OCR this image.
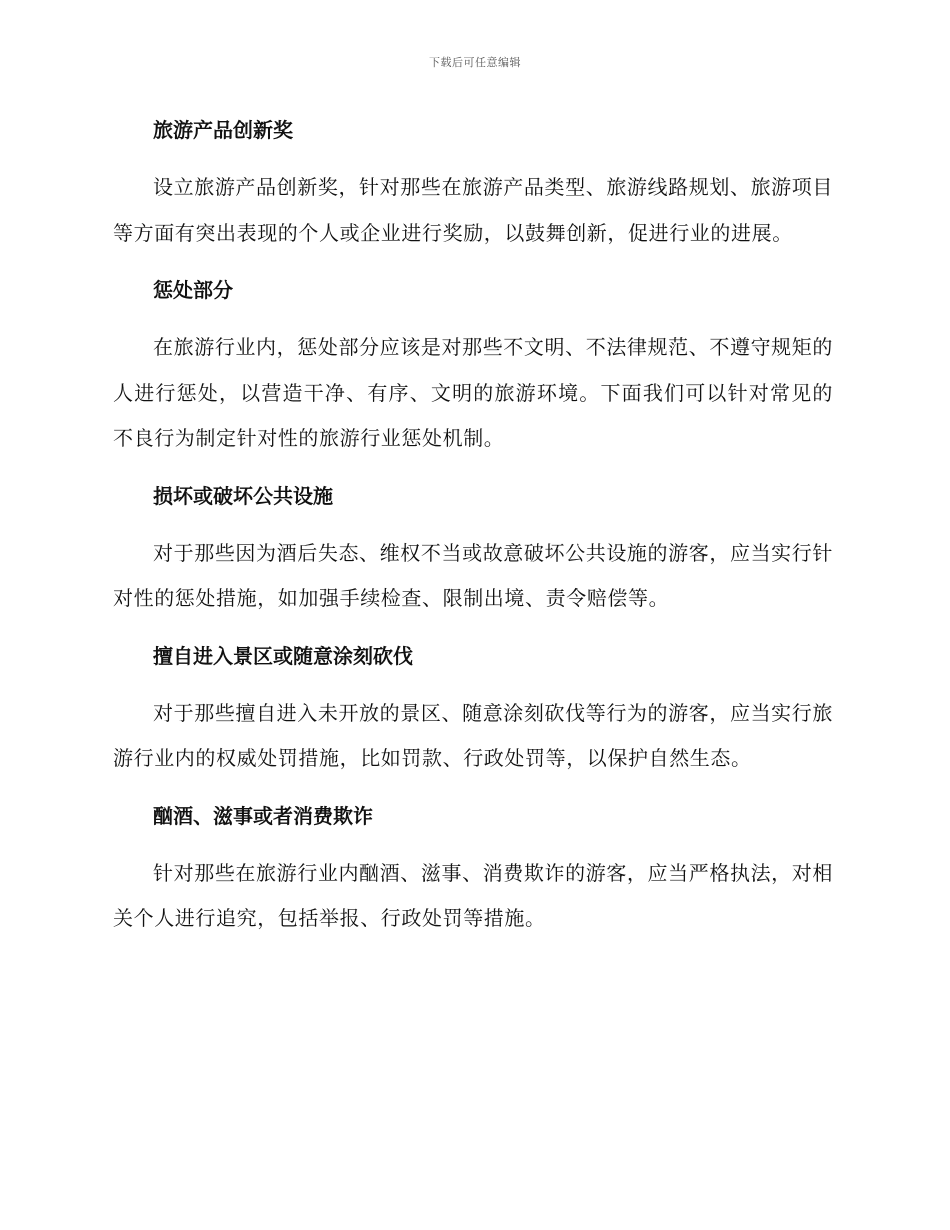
下载后可任意编辑
旅游产品创新奖

设立旅游产品创新奖，针对那些在旅游产品类型、旅游线路规划、旅游项目等方面有突出表现的个人或企业进行奖励，以鼓舞创新，促进行业的进展。

惩处部分

在旅游行业内，惩处部分应该是对那些不文明、不法律规范、不遵守规矩的人进行惩处，以营造干净、有序、文明的旅游环境。下面我们可以针对常见的不良行为制定针对性的旅游行业惩处机制。

损坏或破坏公共设施

对于那些因为酒后失态、维权不当或故意破坏公共设施的游客，应当实行针对性的惩处措施，如加强手续检查、限制出境、责令赔偿等。

擅自进入景区或随意涂刻砍伐

对于那些擅自进入未开放的景区、随意涂刻砍伐等行为的游客，应当实行旅游行业内的权威处罚措施，比如罚款、行政处罚等，以保护自然生态。

酗酒、滋事或者消费欺诈

针对那些在旅游行业内酗酒、滋事、消费欺诈的游客，应当严格执法，对相关个人进行追究，包括举报、行政处罚等措施。
